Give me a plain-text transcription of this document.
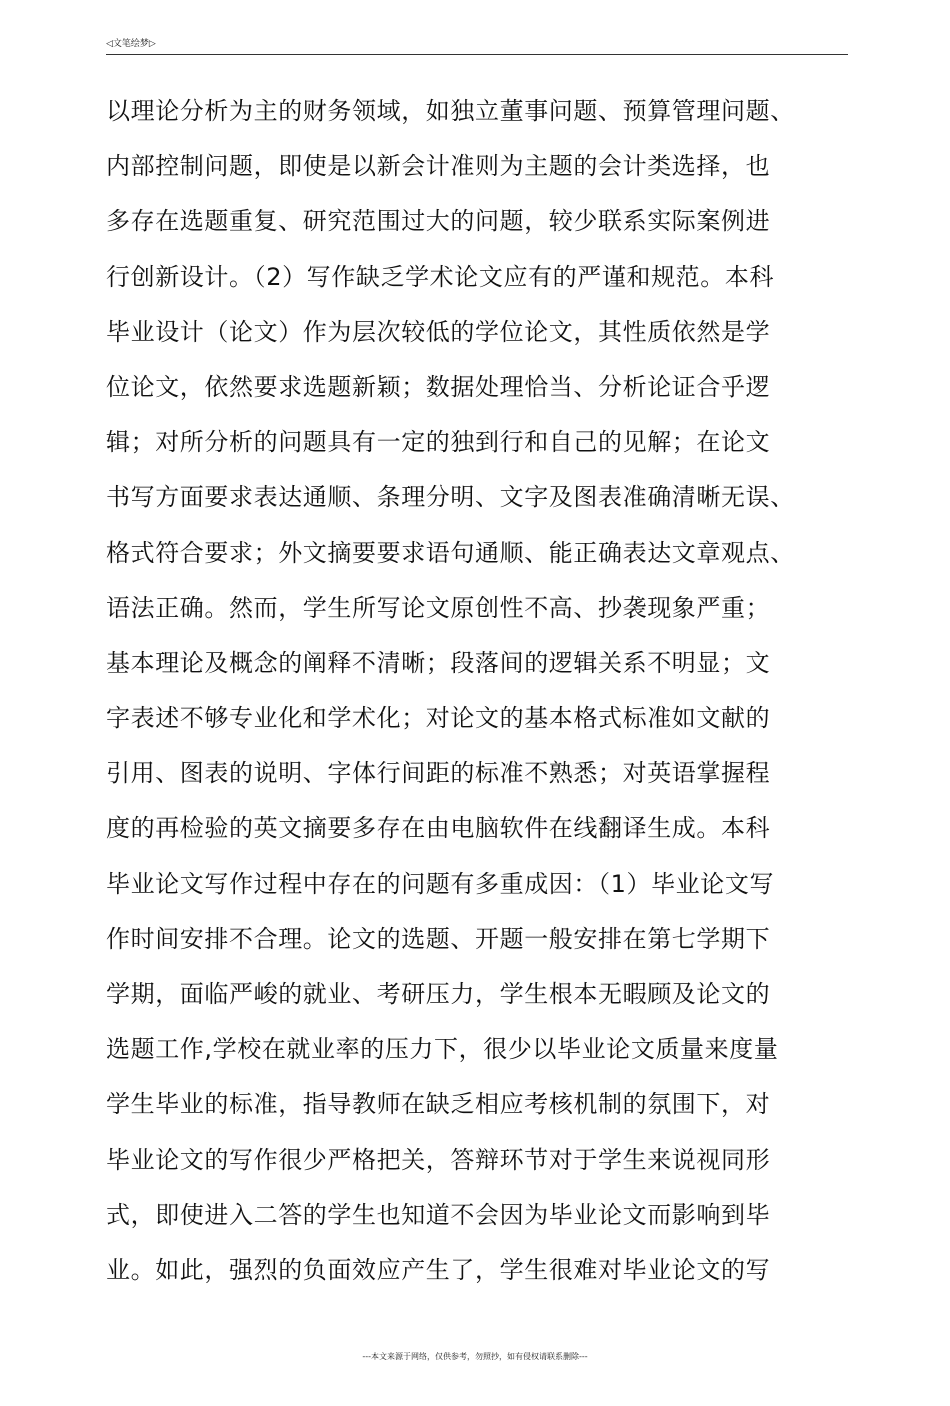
◁文笔绘梦▷
以理论分析为主的财务领域，如独立董事问题、预算管理问题、
内部控制问题，即使是以新会计准则为主题的会计类选择，也
多存在选题重复、研究范围过大的问题，较少联系实际案例进
行创新设计。（2）写作缺乏学术论文应有的严谨和规范。本科
毕业设计（论文）作为层次较低的学位论文，其性质依然是学
位论文，依然要求选题新颖；数据处理恰当、分析论证合乎逻
辑；对所分析的问题具有一定的独到行和自己的见解；在论文
书写方面要求表达通顺、条理分明、文字及图表准确清晰无误、
格式符合要求；外文摘要要求语句通顺、能正确表达文章观点、
语法正确。然而，学生所写论文原创性不高、抄袭现象严重；
基本理论及概念的阐释不清晰；段落间的逻辑关系不明显；文
字表述不够专业化和学术化；对论文的基本格式标准如文献的
引用、图表的说明、字体行间距的标准不熟悉；对英语掌握程
度的再检验的英文摘要多存在由电脑软件在线翻译生成。本科
毕业论文写作过程中存在的问题有多重成因：（1）毕业论文写
作时间安排不合理。论文的选题、开题一般安排在第七学期下
学期，面临严峻的就业、考研压力，学生根本无暇顾及论文的
选题工作,学校在就业率的压力下，很少以毕业论文质量来度量
学生毕业的标准，指导教师在缺乏相应考核机制的氛围下，对
毕业论文的写作很少严格把关，答辩环节对于学生来说视同形
式，即使进入二答的学生也知道不会因为毕业论文而影响到毕
业。如此，强烈的负面效应产生了，学生很难对毕业论文的写
---本文来源于网络，仅供参考，勿照抄，如有侵权请联系删除---
